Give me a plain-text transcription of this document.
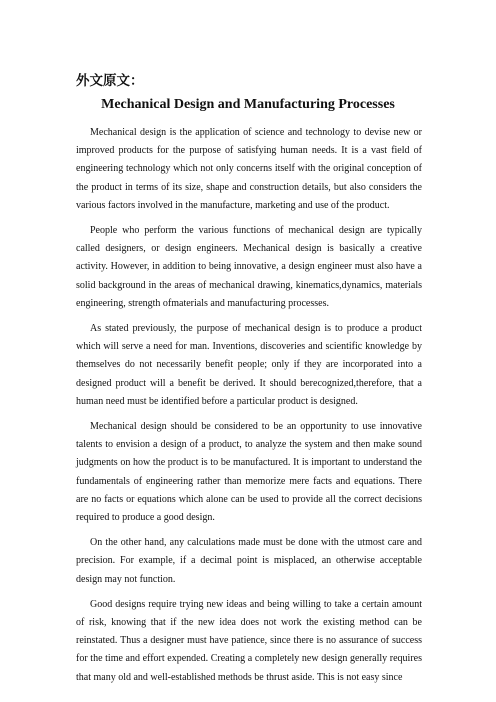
外文原文：
Mechanical Design and Manufacturing Processes

Mechanical design is the application of science and technology to devise new or improved products for the purpose of satisfying human needs. It is a vast field of engineering technology which not only concerns itself with the original conception of the product in terms of its size, shape and construction details, but also considers the various factors involved in the manufacture, marketing and use of the product.

People who perform the various functions of mechanical design are typically called designers, or design engineers. Mechanical design is basically a creative activity. However, in addition to being innovative, a design engineer must also have a solid background in the areas of mechanical drawing, kinematics,dynamics, materials engineering, strength ofmaterials and manufacturing processes.

As stated previously, the purpose of mechanical design is to produce a product which will serve a need for man. Inventions, discoveries and scientific knowledge by themselves do not necessarily benefit people; only if they are incorporated into a designed product will a benefit be derived. It should berecognized,therefore, that a human need must be identified before a particular product is designed.

Mechanical design should be considered to be an opportunity to use innovative talents to envision a design of a product, to analyze the system and then make sound judgments on how the product is to be manufactured. It is important to understand the fundamentals of engineering rather than memorize mere facts and equations. There are no facts or equations which alone can be used to provide all the correct decisions required to produce a good design.

On the other hand, any calculations made must be done with the utmost care and precision. For example, if a decimal point is misplaced, an otherwise acceptable design may not function.

Good designs require trying new ideas and being willing to take a certain amount of risk, knowing that if the new idea does not work the existing method can be reinstated. Thus a designer must have patience, since there is no assurance of success for the time and effort expended. Creating a completely new design generally requires that many old and well-established methods be thrust aside. This is not easy since
